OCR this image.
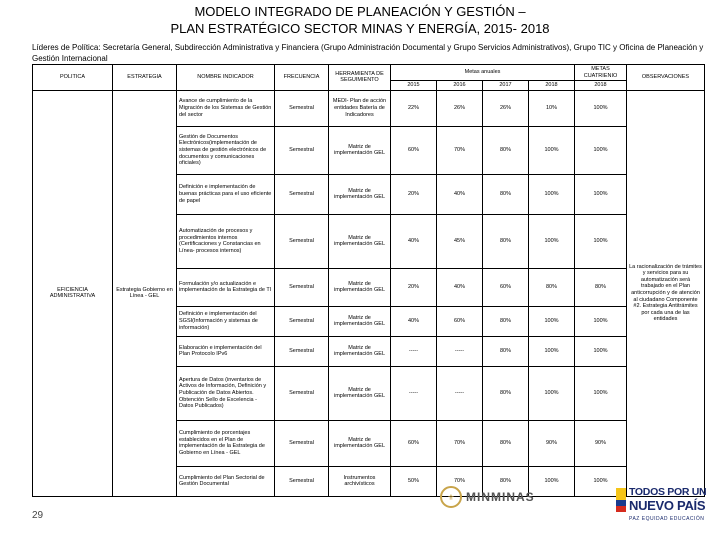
MODELO INTEGRADO DE PLANEACIÓN Y GESTIÓN –
PLAN ESTRATÉGICO SECTOR MINAS Y ENERGÍA, 2015- 2018
Líderes de Política: Secretaría General, Subdirección Administrativa y Financiera (Grupo Administración Documental y Grupo Servicios Administrativos), Grupo TIC y Oficina de Planeación y Gestión Internacional
POLITICA	ESTRATEGIA	NOMBRE INDICADOR	FRECUENCIA	HERRAMIENTA DE SEGUIMIENTO	Metas anuales				METAS CUATRIENIO	OBSERVACIONES
					2015	2016	2017	2018	2018	
EFICIENCIA ADMINISTRATIVA	Estrategia Gobierno en Línea - GEL	Avance de cumplimiento de la Migración de los Sistemas de Gestión del sector	Semestral	MEDI- Plan de acción entidades Batería de Indicadores	22%	26%	26%	10%	100%	La racionalización de trámites y servicios para su automatización será trabajado en el Plan anticorrupción y de atención al ciudadano Componente #2. Estrategia Antitrámites por cada una de las entidades
		Gestión de Documentos Electrónicos(implementación de sistemas de gestión electrónicos de documentos y comunicaciones oficiales)	Semestral	Matriz de implementación GEL	60%	70%	80%	100%	100%	
		Definición e implementación de buenas prácticas para el uso eficiente de papel	Semestral	Matriz de implementación GEL	20%	40%	80%	100%	100%	
		Automatización de procesos y procedimientos internos (Certificaciones y Constancias en Línea- procesos internos)	Semestral	Matriz de implementación GEL	40%	45%	80%	100%	100%	
		Formulación y/o actualización e implementación de la Estrategia de TI	Semestral	Matriz de implementación GEL	20%	40%	60%	80%	80%	
		Definición e implementación del SGSI(Información y sistemas de información)	Semestral	Matriz de implementación GEL	40%	60%	80%	100%	100%	
		Elaboración e implementación del Plan Protocolo IPv6	Semestral	Matriz de implementación GEL	-----	-----	80%	100%	100%	
		Apertura de Datos (inventarios de Activos de Información, Definición y Publicación de Datos Abiertos. Obtención Sello de Excelencia - Datos Publicados)	Semestral	Matriz de implementación GEL	-----	-----	80%	100%	100%	
		Cumplimiento de porcentajes establecidos en el Plan de implementación de la Estrategia de Gobierno en Línea - GEL	Semestral	Matriz de implementación GEL	60%	70%	80%	90%	90%	
		Cumplimiento del Plan Sectorial de Gestión Documental	Semestral	Instrumentos archivísticos	50%	70%	80%	100%	100%	
29
⚜ MINMINAS	TODOS POR UN
NUEVO PAÍS
PAZ EQUIDAD EDUCACIÓN
